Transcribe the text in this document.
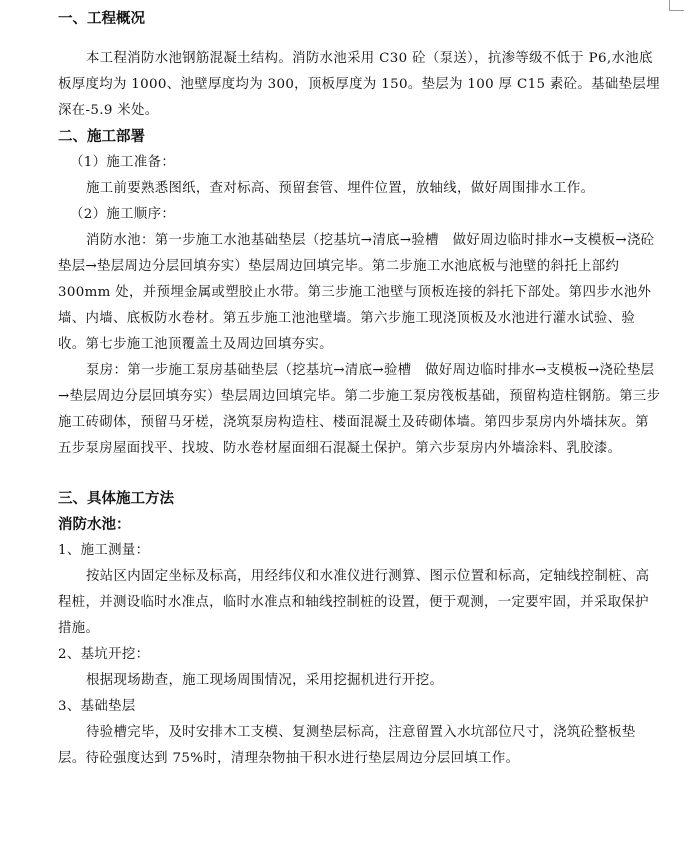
一、工程概况

本工程消防水池钢筋混凝土结构。消防水池采用 C30 砼（泵送），抗渗等级不低于 P6,水池底板厚度均为 1000、池壁厚度均为 300，顶板厚度为 150。垫层为 100 厚 C15 素砼。基础垫层埋深在-5.9 米处。

二、施工部署

（1）施工准备：

施工前要熟悉图纸，查对标高、预留套管、埋件位置，放轴线，做好周围排水工作。

（2）施工顺序：

消防水池：第一步施工水池基础垫层（挖基坑→清底→验槽　做好周边临时排水→支模板→浇砼垫层→垫层周边分层回填夯实）垫层周边回填完毕。第二步施工水池底板与池壁的斜托上部约 300mm 处，并预埋金属或塑胶止水带。第三步施工池壁与顶板连接的斜托下部处。第四步水池外墙、内墙、底板防水卷材。第五步施工池池壁墙。第六步施工现浇顶板及水池进行灌水试验、验收。第七步施工池顶覆盖土及周边回填夯实。

泵房：第一步施工泵房基础垫层（挖基坑→清底→验槽　做好周边临时排水→支模板→浇砼垫层→垫层周边分层回填夯实）垫层周边回填完毕。第二步施工泵房筏板基础，预留构造柱钢筋。第三步施工砖砌体，预留马牙槎，浇筑泵房构造柱、楼面混凝土及砖砌体墙。第四步泵房内外墙抹灰。第五步泵房屋面找平、找坡、防水卷材屋面细石混凝土保护。第六步泵房内外墙涂料、乳胶漆。

三、具体施工方法
消防水池：

1、施工测量：

按站区内固定坐标及标高，用经纬仪和水准仪进行测算、图示位置和标高，定轴线控制桩、高程桩，并测设临时水准点，临时水准点和轴线控制桩的设置，便于观测，一定要牢固，并采取保护措施。

2、基坑开挖：

根据现场勘查，施工现场周围情况，采用挖掘机进行开挖。

3、基础垫层

待验槽完毕，及时安排木工支模、复测垫层标高，注意留置入水坑部位尺寸，浇筑砼整板垫层。待砼强度达到 75%时，清理杂物抽干积水进行垫层周边分层回填工作。
